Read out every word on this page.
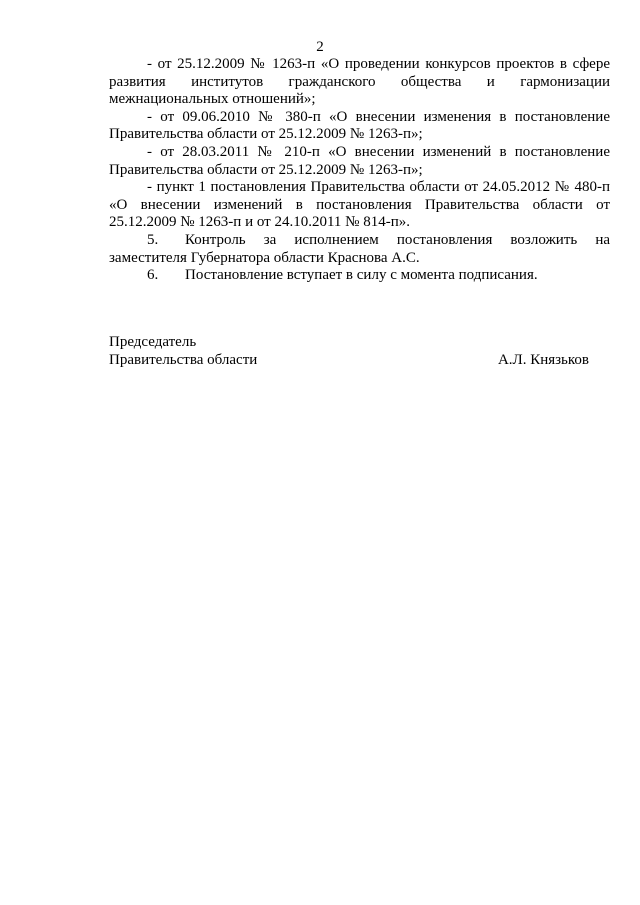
2

- от 25.12.2009 № 1263-п «О проведении конкурсов проектов в сфере развития институтов гражданского общества и гармонизации межнациональных отношений»;

- от 09.06.2010 № 380-п «О внесении изменения в постановление Правительства области от 25.12.2009 № 1263-п»;

- от 28.03.2011 № 210-п «О внесении изменений в постановление Правительства области от 25.12.2009 № 1263-п»;

- пункт 1 постановления Правительства области от 24.05.2012 № 480-п «О внесении изменений в постановления Правительства области от 25.12.2009 № 1263-п и от 24.10.2011 № 814-п».

5. Контроль за исполнением постановления возложить на заместителя Губернатора области Краснова А.С.

6. Постановление вступает в силу с момента подписания.

Председатель
Правительства области	А.Л. Князьков
